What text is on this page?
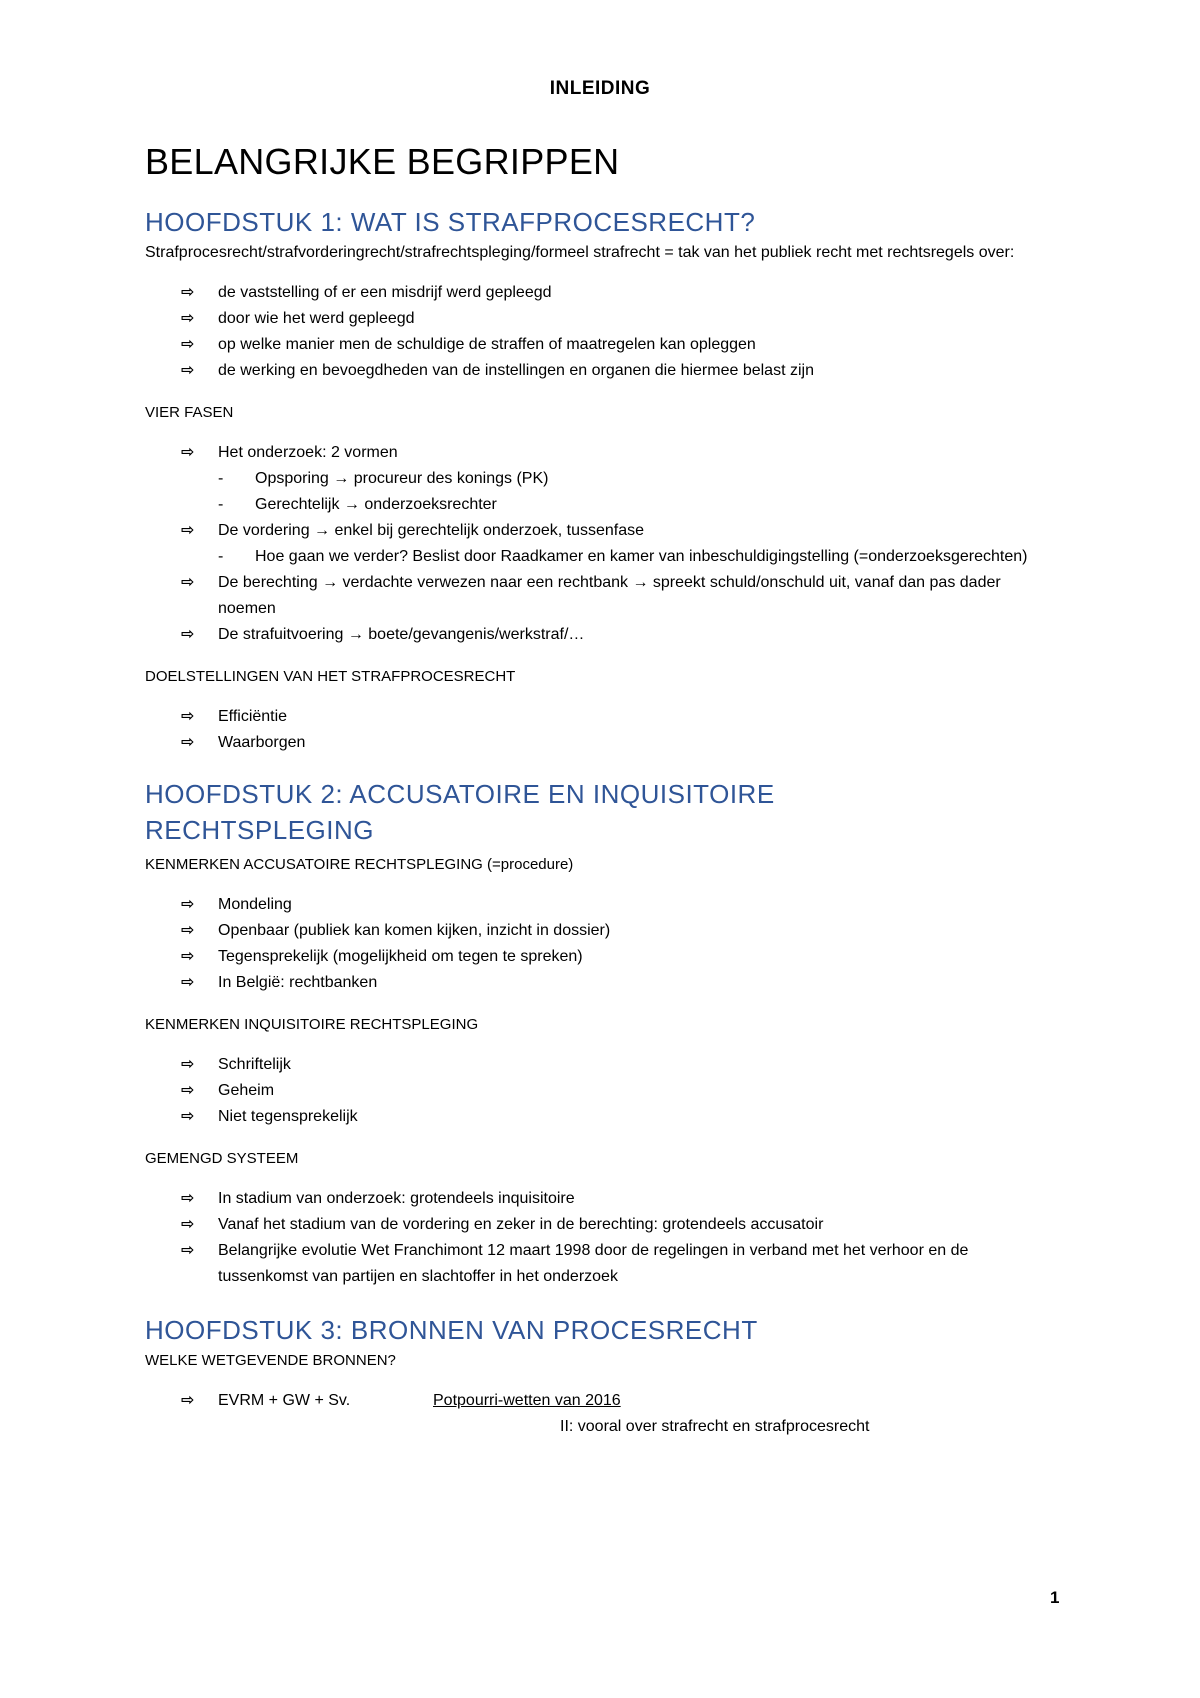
INLEIDING
BELANGRIJKE BEGRIPPEN
HOOFDSTUK 1: WAT IS STRAFPROCESRECHT?

Strafprocesrecht/strafvorderingrecht/strafrechtspleging/formeel strafrecht = tak van het publiek recht met rechtsregels over:

⇨ de vaststelling of er een misdrijf werd gepleegd
⇨ door wie het werd gepleegd
⇨ op welke manier men de schuldige de straffen of maatregelen kan opleggen
⇨ de werking en bevoegdheden van de instellingen en organen die hiermee belast zijn
VIER FASEN
⇨ Het onderzoek: 2 vormen
- Opsporing → procureur des konings (PK)
- Gerechtelijk → onderzoeksrechter
⇨ De vordering → enkel bij gerechtelijk onderzoek, tussenfase
- Hoe gaan we verder? Beslist door Raadkamer en kamer van inbeschuldigingstelling (=onderzoeksgerechten)
⇨ De berechting → verdachte verwezen naar een rechtbank → spreekt schuld/onschuld uit, vanaf dan pas dader noemen
⇨ De strafuitvoering → boete/gevangenis/werkstraf/…
DOELSTELLINGEN VAN HET STRAFPROCESRECHT
⇨ Efficiëntie
⇨ Waarborgen
HOOFDSTUK 2: ACCUSATOIRE EN INQUISITOIRE RECHTSPLEGING
KENMERKEN ACCUSATOIRE RECHTSPLEGING (=procedure)
⇨ Mondeling
⇨ Openbaar (publiek kan komen kijken, inzicht in dossier)
⇨ Tegensprekelijk (mogelijkheid om tegen te spreken)
⇨ In België: rechtbanken
KENMERKEN INQUISITOIRE RECHTSPLEGING
⇨ Schriftelijk
⇨ Geheim
⇨ Niet tegensprekelijk
GEMENGD SYSTEEM
⇨ In stadium van onderzoek: grotendeels inquisitoire
⇨ Vanaf het stadium van de vordering en zeker in de berechting: grotendeels accusatoir
⇨ Belangrijke evolutie Wet Franchimont 12 maart 1998 door de regelingen in verband met het verhoor en de tussenkomst van partijen en slachtoffer in het onderzoek
HOOFDSTUK 3: BRONNEN VAN PROCESRECHT
WELKE WETGEVENDE BRONNEN?
⇨ EVRM + GW + Sv.	Potpourri-wetten van 2016
II: vooral over strafrecht en strafprocesrecht
1
